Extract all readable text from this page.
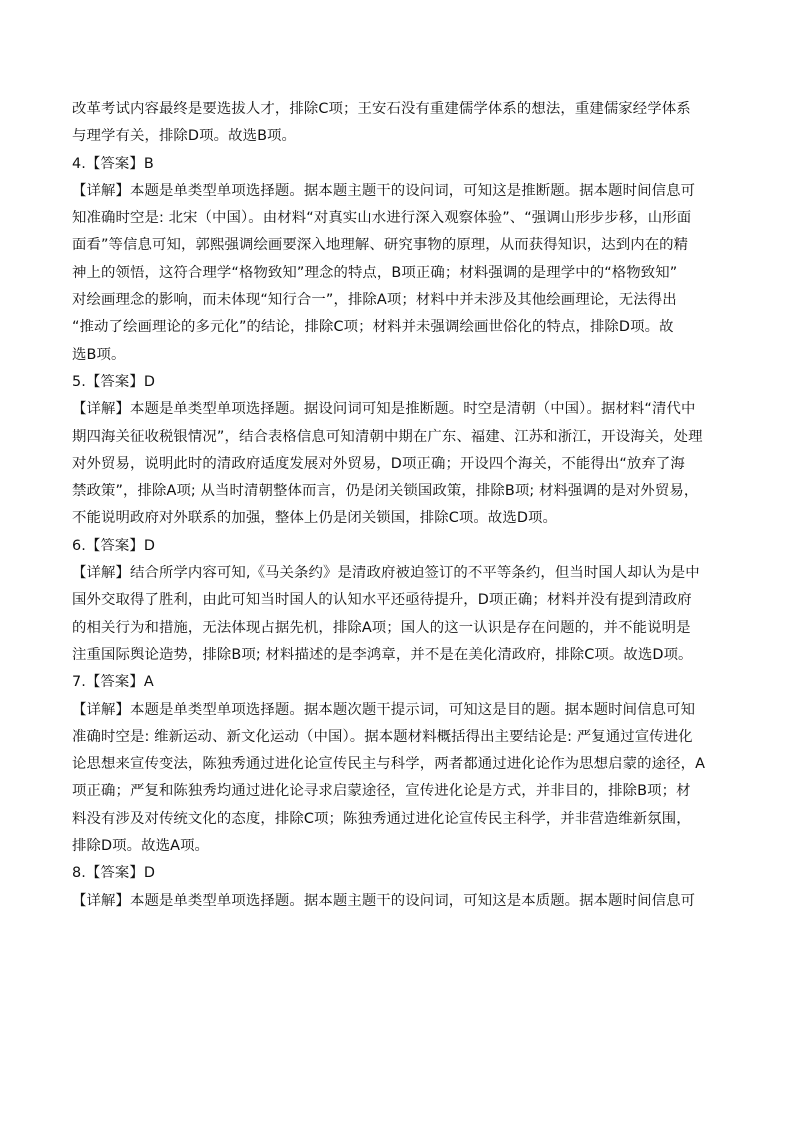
改革考试内容最终是要选拔人才，排除C项；王安石没有重建儒学体系的想法，重建儒家经学体系
与理学有关，排除D项。故选B项。
4.【答案】B
【详解】本题是单类型单项选择题。据本题主题干的设问词，可知这是推断题。据本题时间信息可
知准确时空是: 北宋（中国）。由材料“对真实山水进行深入观察体验”、“强调山形步步移，山形面
面看”等信息可知，郭熙强调绘画要深入地理解、研究事物的原理，从而获得知识，达到内在的精
神上的领悟，这符合理学“格物致知”理念的特点，B项正确；材料强调的是理学中的“格物致知”
对绘画理念的影响，而未体现“知行合一”，排除A项；材料中并未涉及其他绘画理论，无法得出
“推动了绘画理论的多元化”的结论，排除C项；材料并未强调绘画世俗化的特点，排除D项。故
选B项。
5.【答案】D
【详解】本题是单类型单项选择题。据设问词可知是推断题。时空是清朝（中国）。据材料“清代中
期四海关征收税银情况”，结合表格信息可知清朝中期在广东、福建、江苏和浙江，开设海关，处理
对外贸易，说明此时的清政府适度发展对外贸易，D项正确；开设四个海关，不能得出“放弃了海
禁政策”，排除A项; 从当时清朝整体而言，仍是闭关锁国政策，排除B项; 材料强调的是对外贸易，
不能说明政府对外联系的加强，整体上仍是闭关锁国，排除C项。故选D项。
6.【答案】D
【详解】结合所学内容可知,《马关条约》是清政府被迫签订的不平等条约，但当时国人却认为是中
国外交取得了胜利，由此可知当时国人的认知水平还亟待提升，D项正确；材料并没有提到清政府
的相关行为和措施，无法体现占据先机，排除A项；国人的这一认识是存在问题的，并不能说明是
注重国际舆论造势，排除B项; 材料描述的是李鸿章，并不是在美化清政府，排除C项。故选D项。
7.【答案】A
【详解】本题是单类型单项选择题。据本题次题干提示词，可知这是目的题。据本题时间信息可知
准确时空是: 维新运动、新文化运动（中国）。据本题材料概括得出主要结论是: 严复通过宣传进化
论思想来宣传变法，陈独秀通过进化论宣传民主与科学，两者都通过进化论作为思想启蒙的途径，A
项正确；严复和陈独秀均通过进化论寻求启蒙途径，宣传进化论是方式，并非目的，排除B项；材
料没有涉及对传统文化的态度，排除C项；陈独秀通过进化论宣传民主科学，并非营造维新氛围，
排除D项。故选A项。
8.【答案】D
【详解】本题是单类型单项选择题。据本题主题干的设问词，可知这是本质题。据本题时间信息可
